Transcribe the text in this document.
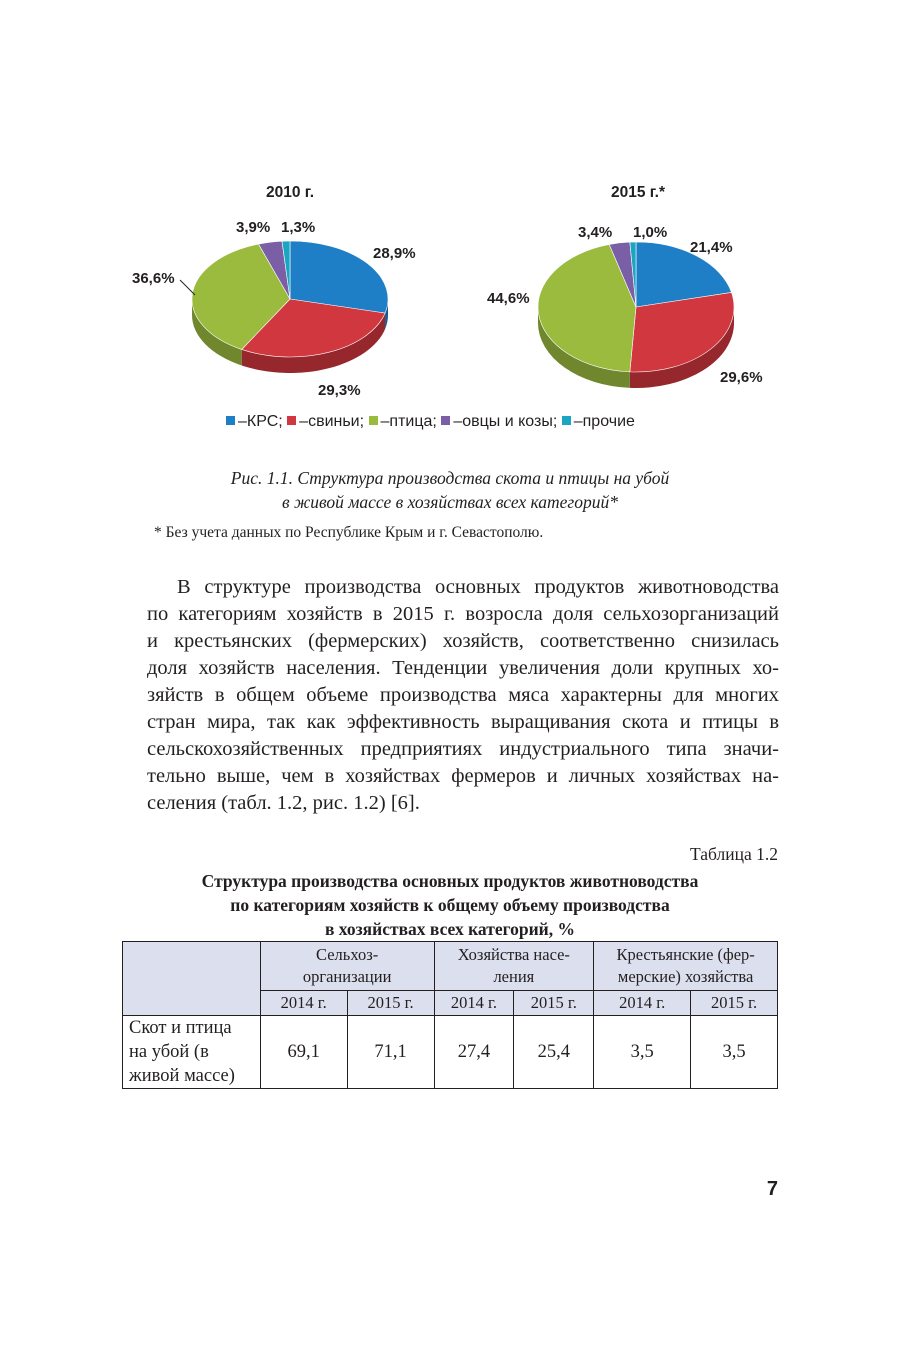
2010 г.	2015 г.*
28,9%
29,3%
36,6%
3,9% 1,3%
21,4%
29,6%
44,6%
3,4% 1,0%
–КРС; –свиньи; –птица; –овцы и козы; –прочие
Рис. 1.1. Структура производства скота и птицы на убой
в живой массе в хозяйствах всех категорий*
* Без учета данных по Республике Крым и г. Севастополю.

В структуре производства основных продуктов животноводства
по категориям хозяйств в 2015 г. возросла доля сельхозорганизаций
и крестьянских (фермерских) хозяйств, соответственно снизилась
доля хозяйств населения. Тенденции увеличения доли крупных хо-
зяйств в общем объеме производства мяса характерны для многих
стран мира, так как эффективность выращивания скота и птицы в
сельскохозяйственных предприятиях индустриального типа значи-
тельно выше, чем в хозяйствах фермеров и личных хозяйствах на-
селения (табл. 1.2, рис. 1.2) [6].

Таблица 1.2
Структура производства основных продуктов животноводства
по категориям хозяйств к общему объему производства
в хозяйствах всех категорий, %
	Сельхоз-
организации		Хозяйства насе-
ления		Крестьянские (фер-
мерские) хозяйства	
	2014 г.	2015 г.	2014 г.	2015 г.	2014 г.	2015 г.
Скот и птица
на убой (в
живой массе)	69,1	71,1	27,4	25,4	3,5	3,5
7
